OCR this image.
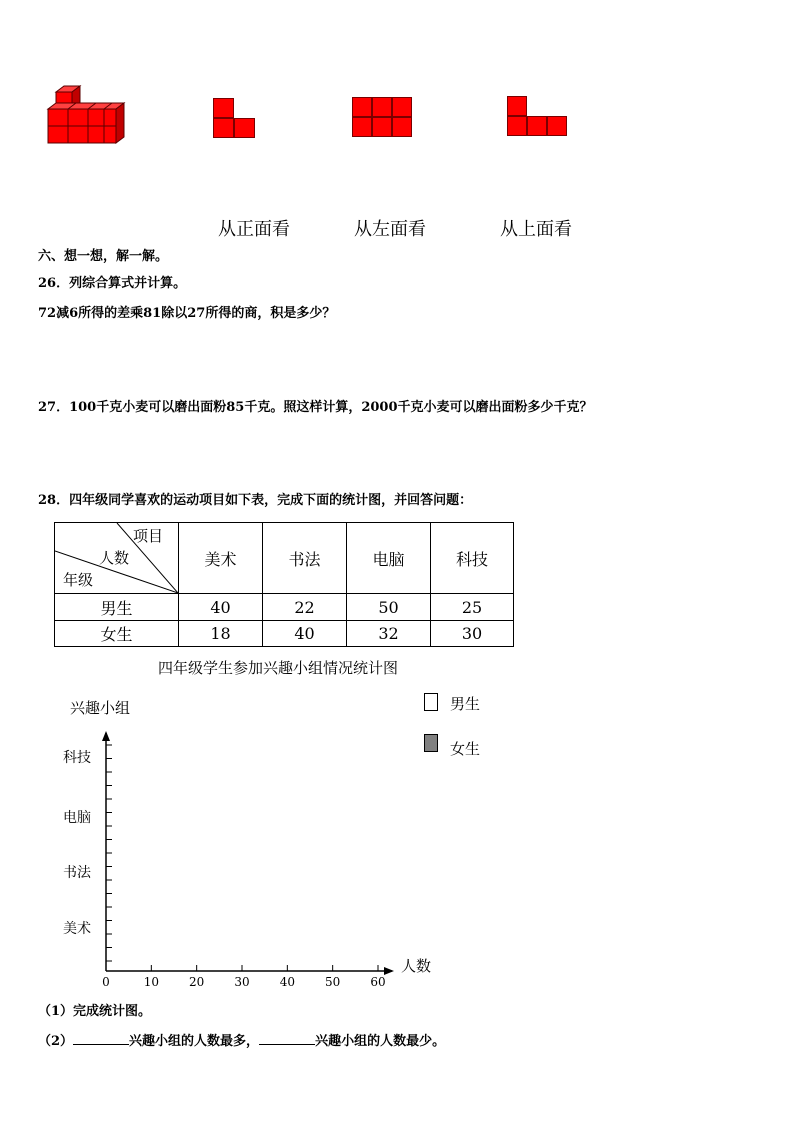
从正面看	从左面看	从上面看
六、想一想，解一解。
26．列综合算式并计算。
72减6所得的差乘81除以27所得的商，积是多少？
27．100千克小麦可以磨出面粉85千克。照这样计算，2000千克小麦可以磨出面粉多少千克？
28．四年级同学喜欢的运动项目如下表，完成下面的统计图，并回答问题：
项目
人数
年级	美术	书法	电脑	科技
男生	40	22	50	25
女生	18	40	32	30
四年级学生参加兴趣小组情况统计图
兴趣小组
人数
男生
女生
0	10	20	30	40	50	60
美术
书法
电脑
科技
（1）完成统计图。
（2）	兴趣小组的人数最多，	兴趣小组的人数最少。
